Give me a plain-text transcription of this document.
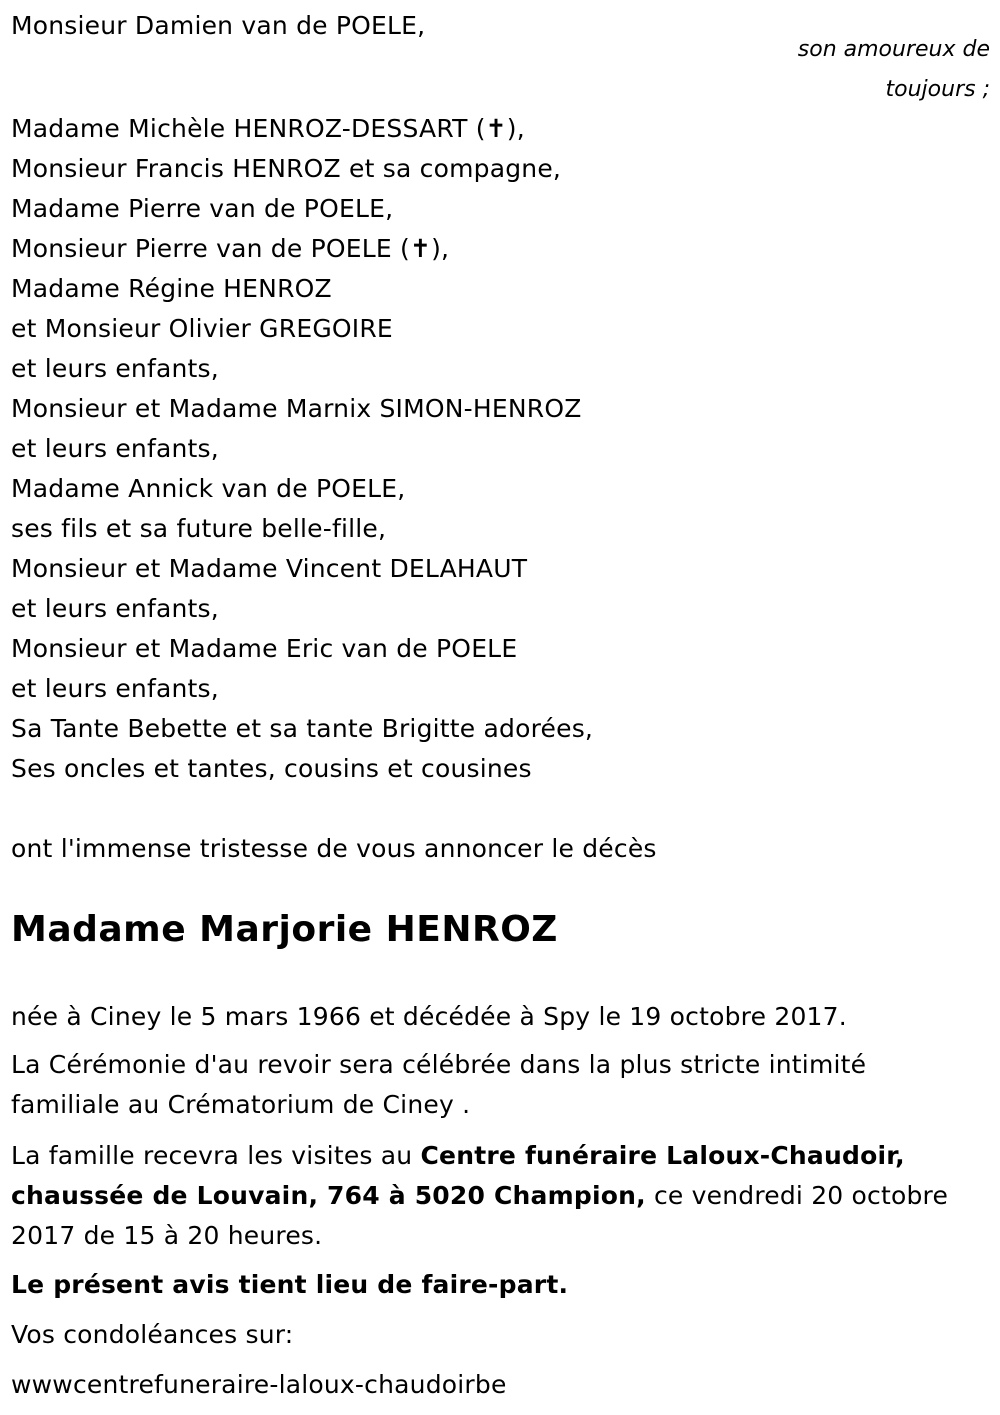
Monsieur Damien van de POELE,
son amoureux de
toujours ;
Madame Michèle HENROZ-DESSART (✝),
Monsieur Francis HENROZ et sa compagne,
Madame Pierre van de POELE,
Monsieur Pierre van de POELE (✝),
Madame Régine HENROZ
et Monsieur Olivier GREGOIRE
et leurs enfants,
Monsieur et Madame Marnix SIMON-HENROZ
et leurs enfants,
Madame Annick van de POELE,
ses fils et sa future belle-fille,
Monsieur et Madame Vincent DELAHAUT
et leurs enfants,
Monsieur et Madame Eric van de POELE
et leurs enfants,
Sa Tante Bebette et sa tante Brigitte adorées,
Ses oncles et tantes, cousins et cousines
ont l'immense tristesse de vous annoncer le décès
Madame Marjorie HENROZ
née à Ciney le 5 mars 1966 et décédée à Spy le 19 octobre 2017.
La Cérémonie d'au revoir sera célébrée dans la plus stricte intimité
familiale au Crématorium de Ciney .
La famille recevra les visites au Centre funéraire Laloux-Chaudoir,
chaussée de Louvain, 764 à 5020 Champion, ce vendredi 20 octobre
2017 de 15 à 20 heures.
Le présent avis tient lieu de faire-part.
Vos condoléances sur:
wwwcentrefuneraire-laloux-chaudoirbe
